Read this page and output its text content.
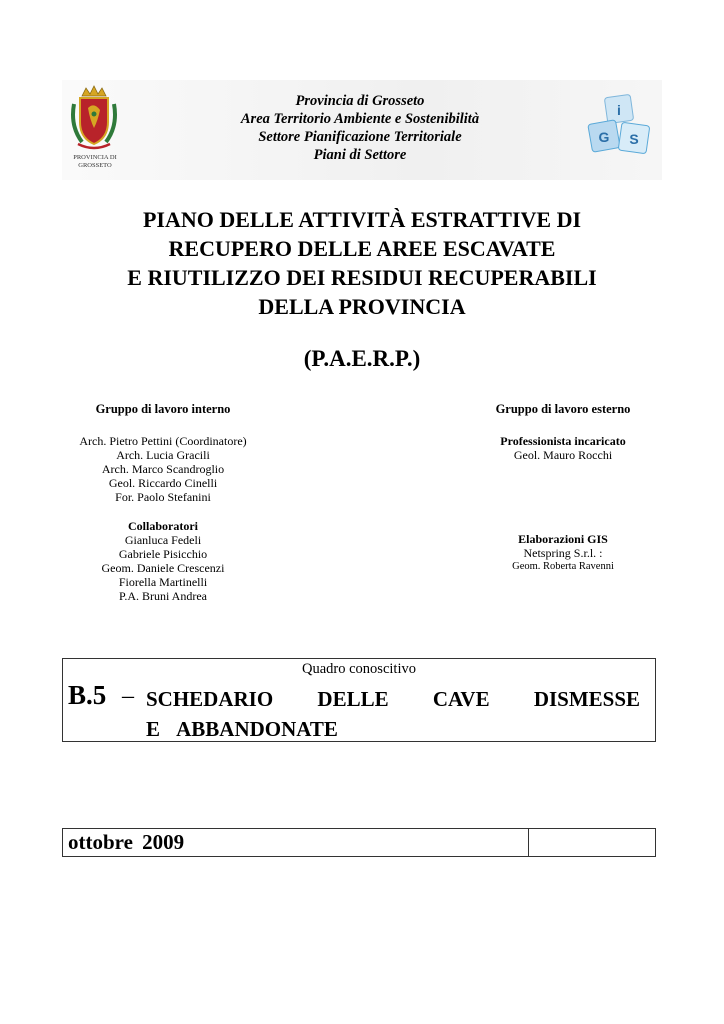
PROVINCIA DI
GROSSETO
Provincia di Grosseto
Area Territorio Ambiente e Sostenibilità
Settore Pianificazione Territoriale
Piani di Settore
i
G S
PIANO DELLE ATTIVITÀ ESTRATTIVE DI
RECUPERO DELLE AREE ESCAVATE
E RIUTILIZZO DEI RESIDUI RECUPERABILI
DELLA PROVINCIA
(P.A.E.R.P.)
Gruppo di lavoro interno
Arch. Pietro Pettini (Coordinatore)
Arch. Lucia Gracili
Arch. Marco Scandroglio
Geol. Riccardo Cinelli
For. Paolo Stefanini
Collaboratori
Gianluca Fedeli
Gabriele Pisicchio
Geom. Daniele Crescenzi
Fiorella Martinelli
P.A. Bruni Andrea
Gruppo di lavoro esterno
Professionista incaricato
Geol. Mauro Rocchi
Elaborazioni GIS
Netspring S.r.l. :
Geom. Roberta Ravenni
Quadro conoscitivo
B.5 – SCHEDARIO DELLE CAVE DISMESSE
E ABBANDONATE
ottobre 2009
